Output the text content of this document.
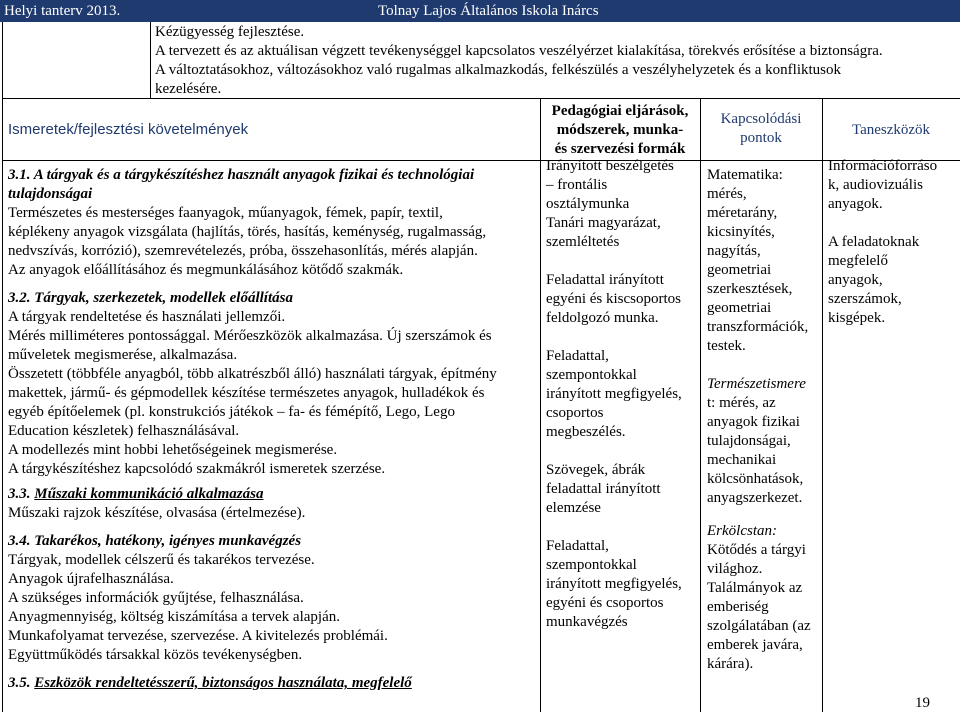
Helyi tanterv 2013.	Tolnay Lajos Általános Iskola Inárcs
Kézügyesség fejlesztése.
A tervezett és az aktuálisan végzett tevékenységgel kapcsolatos veszélyérzet kialakítása, törekvés erősítése a biztonságra.
A változtatásokhoz, változásokhoz való rugalmas alkalmazkodás, felkészülés a veszélyhelyzetek és a konfliktusok
kezelésére.
Ismeretek/fejlesztési követelmények
Pedagógiai eljárások,
módszerek, munka-
és szervezési formák
Kapcsolódási
pontok	Taneszközök
3.1. A tárgyak és a tárgykészítéshez használt anyagok fizikai és technológiai
tulajdonságai
Természetes és mesterséges faanyagok, műanyagok, fémek, papír, textil,
képlékeny anyagok vizsgálata (hajlítás, törés, hasítás, keménység, rugalmasság,
nedvszívás, korrózió), szemrevételezés, próba, összehasonlítás, mérés alapján.
Az anyagok előállításához és megmunkálásához kötődő szakmák.
3.2. Tárgyak, szerkezetek, modellek előállítása
A tárgyak rendeltetése és használati jellemzői.
Mérés milliméteres pontossággal. Mérőeszközök alkalmazása. Új szerszámok és
műveletek megismerése, alkalmazása.
Összetett (többféle anyagból, több alkatrészből álló) használati tárgyak, építmény
makettek, jármű- és gépmodellek készítése természetes anyagok, hulladékok és
egyéb építőelemek (pl. konstrukciós játékok – fa- és fémépítő, Lego, Lego
Education készletek) felhasználásával.
A modellezés mint hobbi lehetőségeinek megismerése.
A tárgykészítéshez kapcsolódó szakmákról ismeretek szerzése.
3.3. Műszaki kommunikáció alkalmazása
Műszaki rajzok készítése, olvasása (értelmezése).
3.4. Takarékos, hatékony, igényes munkavégzés
Tárgyak, modellek célszerű és takarékos tervezése.
Anyagok újrafelhasználása.
A szükséges információk gyűjtése, felhasználása.
Anyagmennyiség, költség kiszámítása a tervek alapján.
Munkafolyamat tervezése, szervezése. A kivitelezés problémái.
Együttműködés társakkal közös tevékenységben.
3.5. Eszközök rendeltetésszerű, biztonságos használata, megfelelő
Irányított beszélgetés
– frontális
osztálymunka
Tanári magyarázat,
szemléltetés
Feladattal irányított
egyéni és kiscsoportos
feldolgozó munka.
Feladattal,
szempontokkal
irányított megfigyelés,
csoportos
megbeszélés.
Szövegek, ábrák
feladattal irányított
elemzése
Feladattal,
szempontokkal
irányított megfigyelés,
egyéni és csoportos
munkavégzés
Matematika:
mérés,
méretarány,
kicsinyítés,
nagyítás,
geometriai
szerkesztések,
geometriai
transzformációk,
testek.
Természetismere
t: mérés, az
anyagok fizikai
tulajdonságai,
mechanikai
kölcsönhatások,
anyagszerkezet.
Erkölcstan:
Kötődés a tárgyi
világhoz.
Találmányok az
emberiség
szolgálatában (az
emberek javára,
kárára).
Információforráso
k, audiovizuális
anyagok.
A feladatoknak
megfelelő
anyagok,
szerszámok,
kisgépek.
19
